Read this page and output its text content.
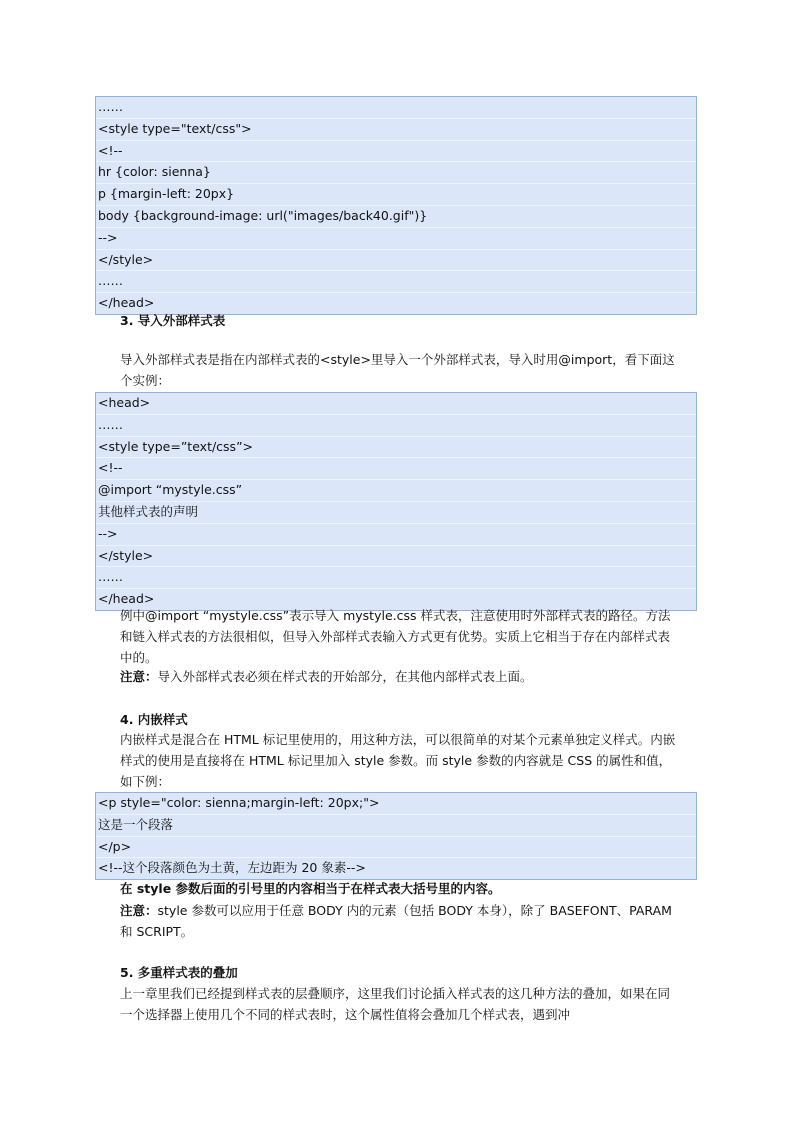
……
<style type="text/css">
<!--
hr {color: sienna}
p {margin-left: 20px}
body {background-image: url("images/back40.gif")}
-->
</style>
……
</head>
3. 导入外部样式表

导入外部样式表是指在内部样式表的<style>里导入一个外部样式表，导入时用@import，看下面这个实例：

<head>
……
<style type=”text/css”>
<!--
@import “mystyle.css”
其他样式表的声明
-->
</style>
……
</head>

例中@import “mystyle.css”表示导入 mystyle.css 样式表，注意使用时外部样式表的路径。方法和链入样式表的方法很相似，但导入外部样式表输入方式更有优势。实质上它相当于存在内部样式表中的。

注意：导入外部样式表必须在样式表的开始部分，在其他内部样式表上面。

4. 内嵌样式

内嵌样式是混合在 HTML 标记里使用的，用这种方法，可以很简单的对某个元素单独定义样式。内嵌样式的使用是直接将在 HTML 标记里加入 style 参数。而 style 参数的内容就是 CSS 的属性和值，如下例：

<p style="color: sienna;margin-left: 20px;">
这是一个段落
</p>
<!--这个段落颜色为土黄，左边距为 20 象素-->

在 style 参数后面的引号里的内容相当于在样式表大括号里的内容。

注意：style 参数可以应用于任意 BODY 内的元素（包括 BODY 本身），除了 BASEFONT、PARAM 和 SCRIPT。

5. 多重样式表的叠加

上一章里我们已经提到样式表的层叠顺序，这里我们讨论插入样式表的这几种方法的叠加，如果在同一个选择器上使用几个不同的样式表时，这个属性值将会叠加几个样式表，遇到冲
